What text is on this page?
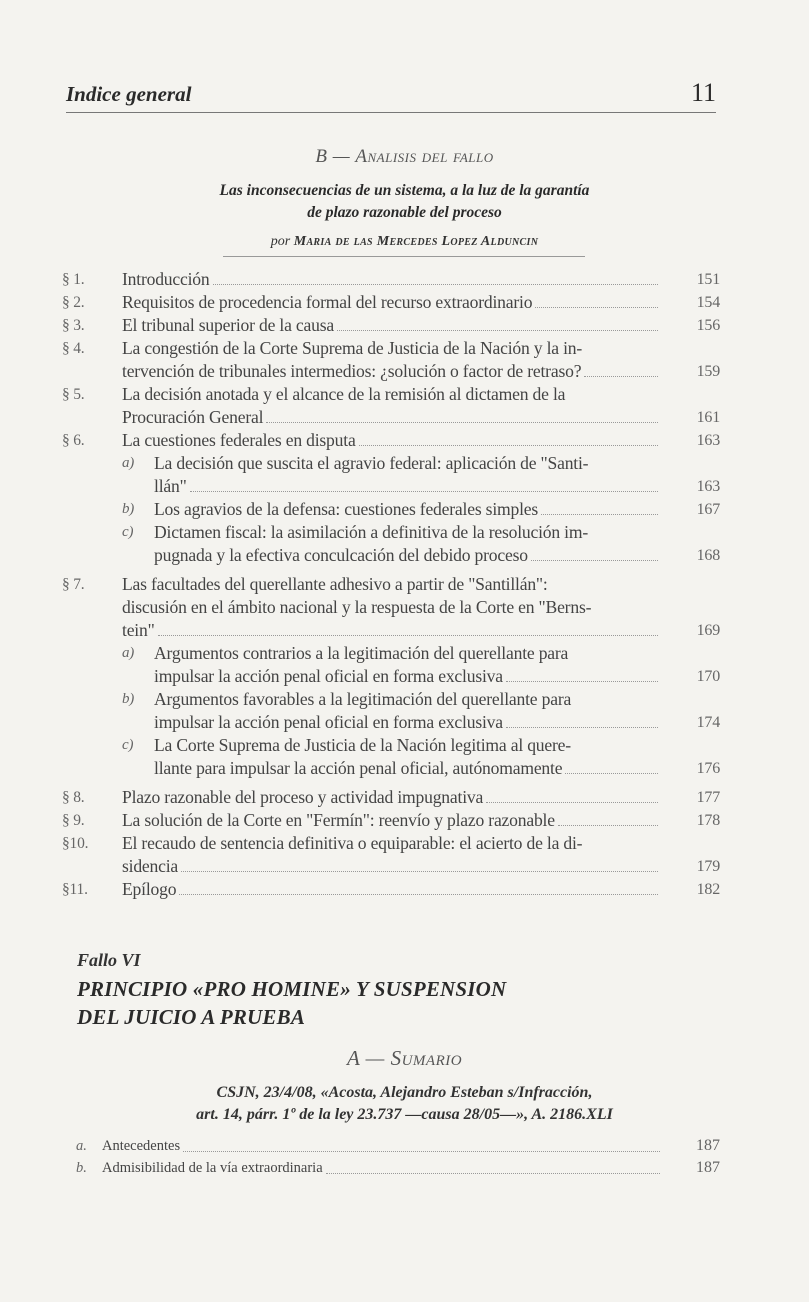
Indice general	11
B — Analisis del fallo
Las inconsecuencias de un sistema, a la luz de la garantía
de plazo razonable del proceso
por Maria de las Mercedes Lopez Alduncin
§ 1.	Introducción	151
§ 2.	Requisitos de procedencia formal del recurso extraordinario	154
§ 3.	El tribunal superior de la causa	156
§ 4.	La congestión de la Corte Suprema de Justicia de la Nación y la in-
tervención de tribunales intermedios: ¿solución o factor de retraso?	159
§ 5.	La decisión anotada y el alcance de la remisión al dictamen de la
Procuración General	161
§ 6.	La cuestiones federales en disputa	163
a) La decisión que suscita el agravio federal: aplicación de "Santi-
llán"	163
b) Los agravios de la defensa: cuestiones federales simples	167
c) Dictamen fiscal: la asimilación a definitiva de la resolución im-
pugnada y la efectiva conculcación del debido proceso	168
§ 7.	Las facultades del querellante adhesivo a partir de "Santillán":
discusión en el ámbito nacional y la respuesta de la Corte en "Berns-
tein"	169
a) Argumentos contrarios a la legitimación del querellante para
impulsar la acción penal oficial en forma exclusiva	170
b) Argumentos favorables a la legitimación del querellante para
impulsar la acción penal oficial en forma exclusiva	174
c) La Corte Suprema de Justicia de la Nación legitima al quere-
llante para impulsar la acción penal oficial, autónomamente	176
§ 8.	Plazo razonable del proceso y actividad impugnativa	177
§ 9.	La solución de la Corte en "Fermín": reenvío y plazo razonable	178
§10.	El recaudo de sentencia definitiva o equiparable: el acierto de la di-
sidencia	179
§11.	Epílogo	182
Fallo VI
PRINCIPIO «PRO HOMINE» Y SUSPENSION
DEL JUICIO A PRUEBA
A — Sumario
CSJN, 23/4/08, «Acosta, Alejandro Esteban s/Infracción,
art. 14, párr. 1º de la ley 23.737 —causa 28/05—», A. 2186.XLI
a. Antecedentes	187
b. Admisibilidad de la vía extraordinaria	187
